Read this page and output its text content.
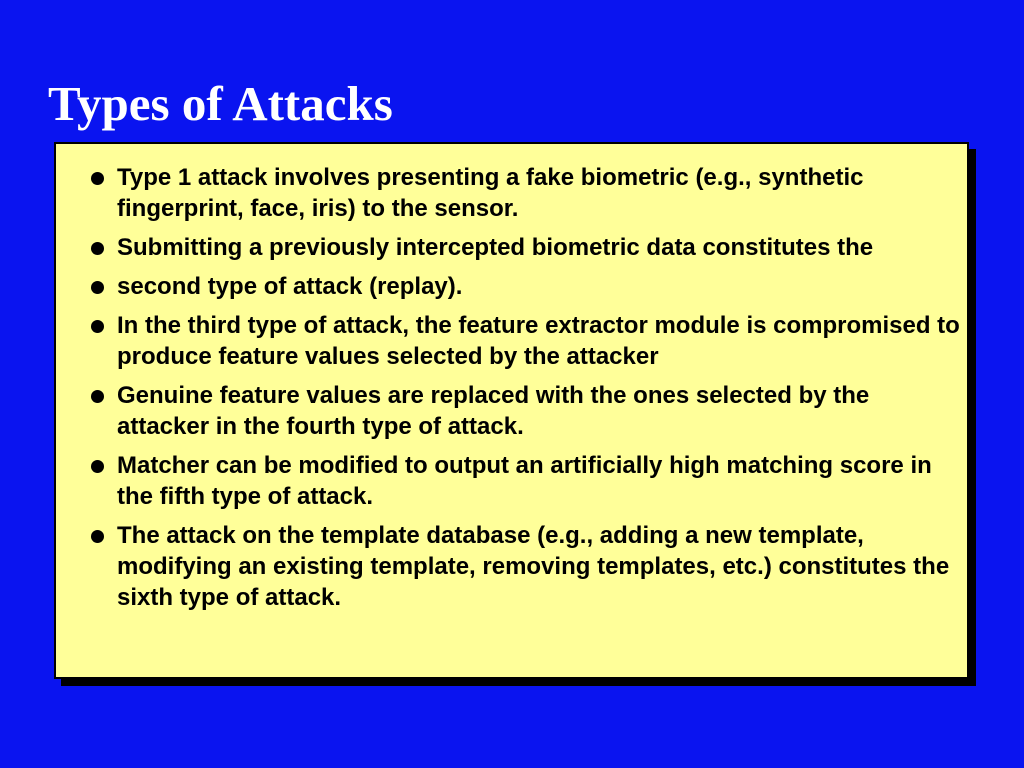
Types of Attacks
Type 1 attack involves presenting a fake biometric (e.g., synthetic fingerprint, face, iris) to the sensor.
Submitting a previously intercepted biometric data constitutes the
second type of attack (replay).
In the third type of attack, the feature extractor module is compromised to produce feature values selected by the attacker
Genuine feature values are replaced with the ones selected by the attacker in the fourth type of attack.
Matcher can be modified to output an artificially high matching score in the fifth type of attack.
The attack on the template database (e.g., adding a new template, modifying an existing template, removing templates, etc.) constitutes the sixth type of attack.
